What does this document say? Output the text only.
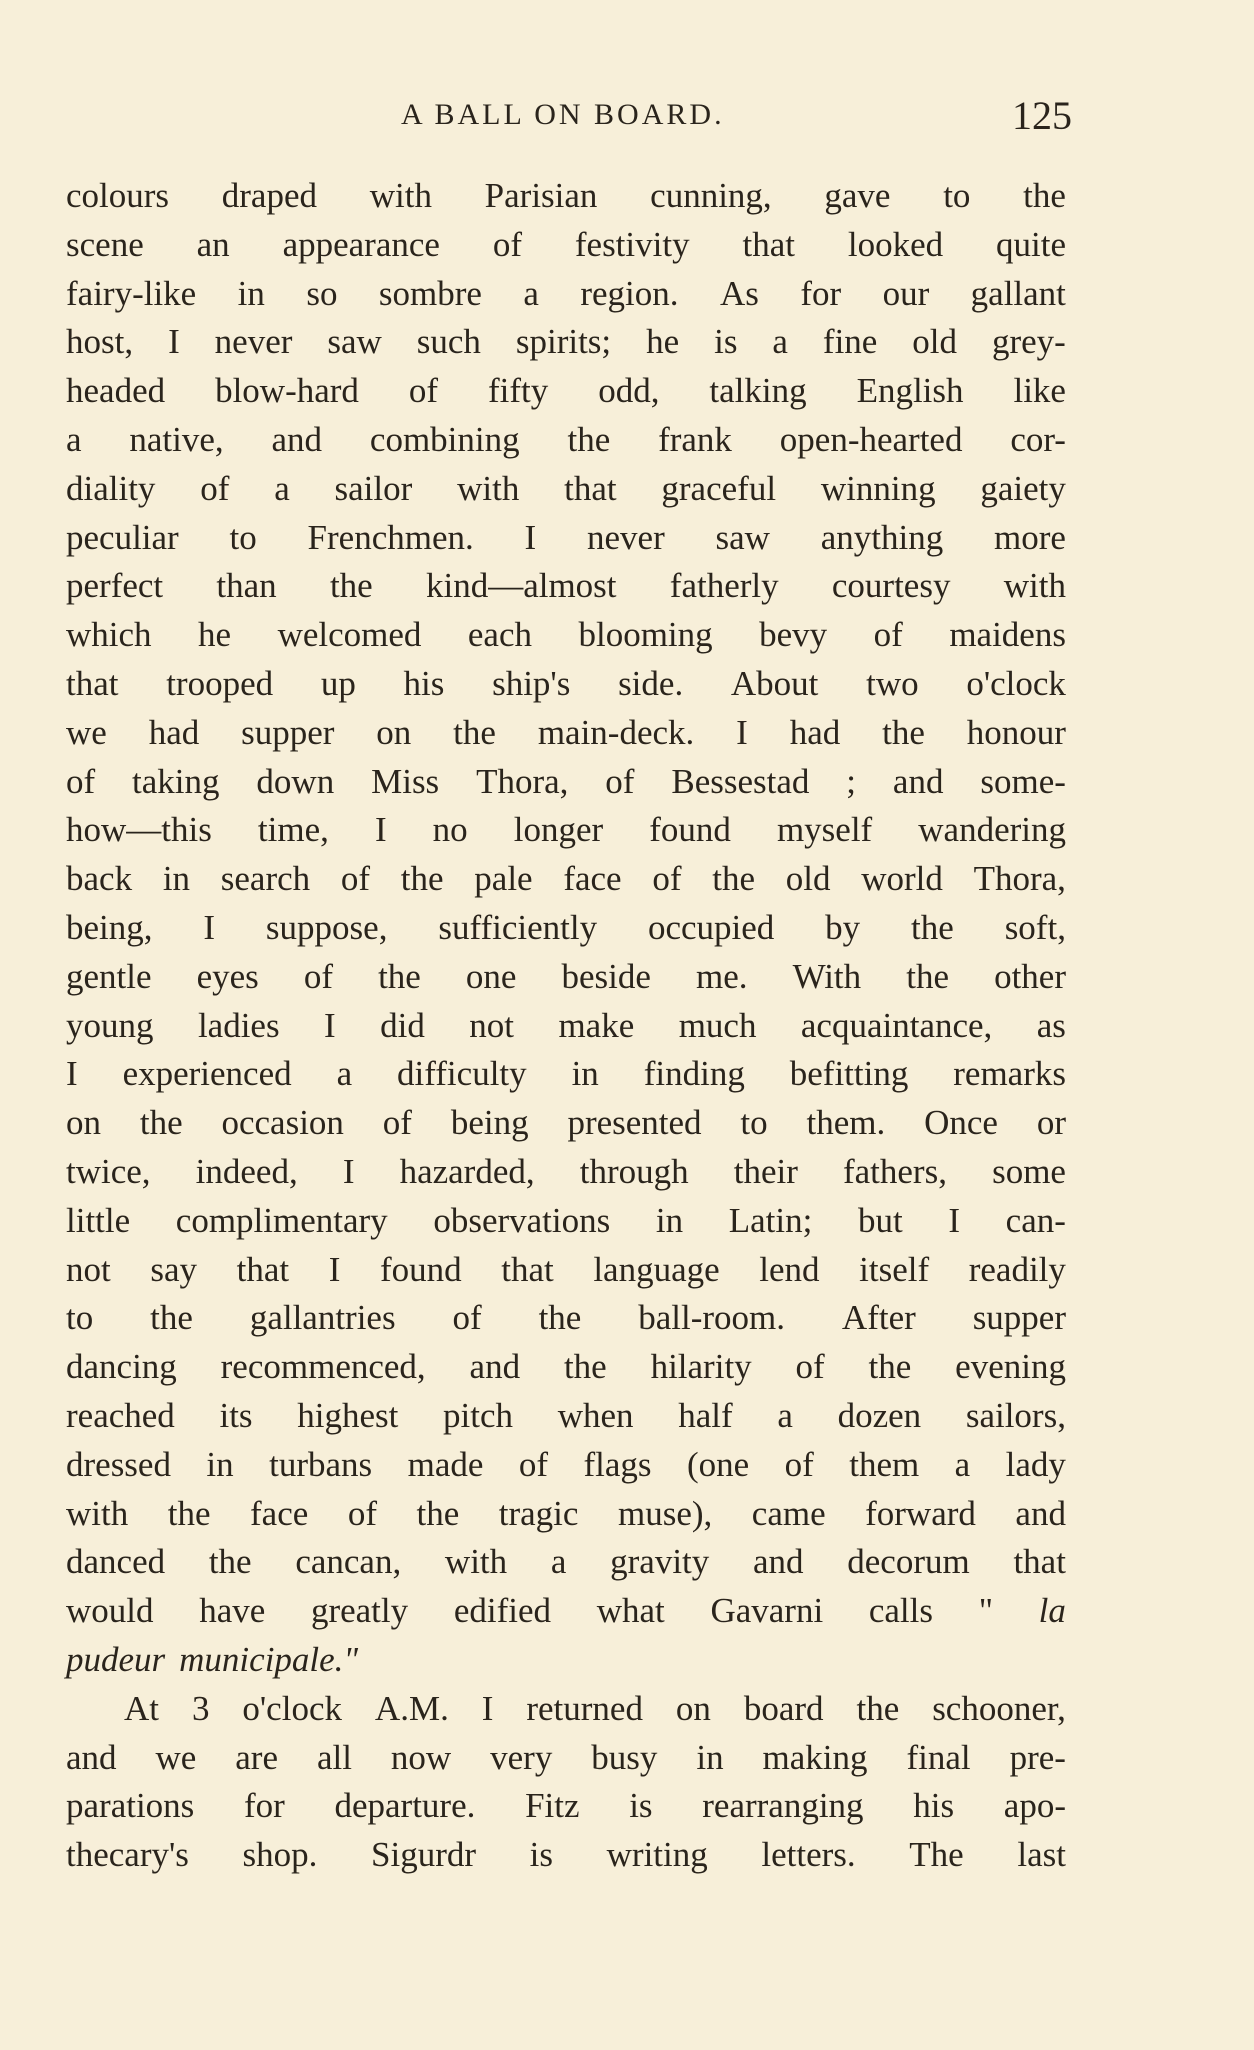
A BALL ON BOARD.	125
colours draped with Parisian cunning, gave to the
scene an appearance of festivity that looked quite
fairy-like in so sombre a region. As for our gallant
host, I never saw such spirits; he is a fine old grey-
headed blow-hard of fifty odd, talking English like
a native, and combining the frank open-hearted cor-
diality of a sailor with that graceful winning gaiety
peculiar to Frenchmen. I never saw anything more
perfect than the kind—almost fatherly courtesy with
which he welcomed each blooming bevy of maidens
that trooped up his ship's side. About two o'clock
we had supper on the main-deck. I had the honour
of taking down Miss Thora, of Bessestad ; and some-
how—this time, I no longer found myself wandering
back in search of the pale face of the old world Thora,
being, I suppose, sufficiently occupied by the soft,
gentle eyes of the one beside me. With the other
young ladies I did not make much acquaintance, as
I experienced a difficulty in finding befitting remarks
on the occasion of being presented to them. Once or
twice, indeed, I hazarded, through their fathers, some
little complimentary observations in Latin; but I can-
not say that I found that language lend itself readily
to the gallantries of the ball-room. After supper
dancing recommenced, and the hilarity of the evening
reached its highest pitch when half a dozen sailors,
dressed in turbans made of flags (one of them a lady
with the face of the tragic muse), came forward and
danced the cancan, with a gravity and decorum that
would have greatly edified what Gavarni calls " la
pudeur municipale."
At 3 o'clock A.M. I returned on board the schooner,
and we are all now very busy in making final pre-
parations for departure. Fitz is rearranging his apo-
thecary's shop. Sigurdr is writing letters. The last
